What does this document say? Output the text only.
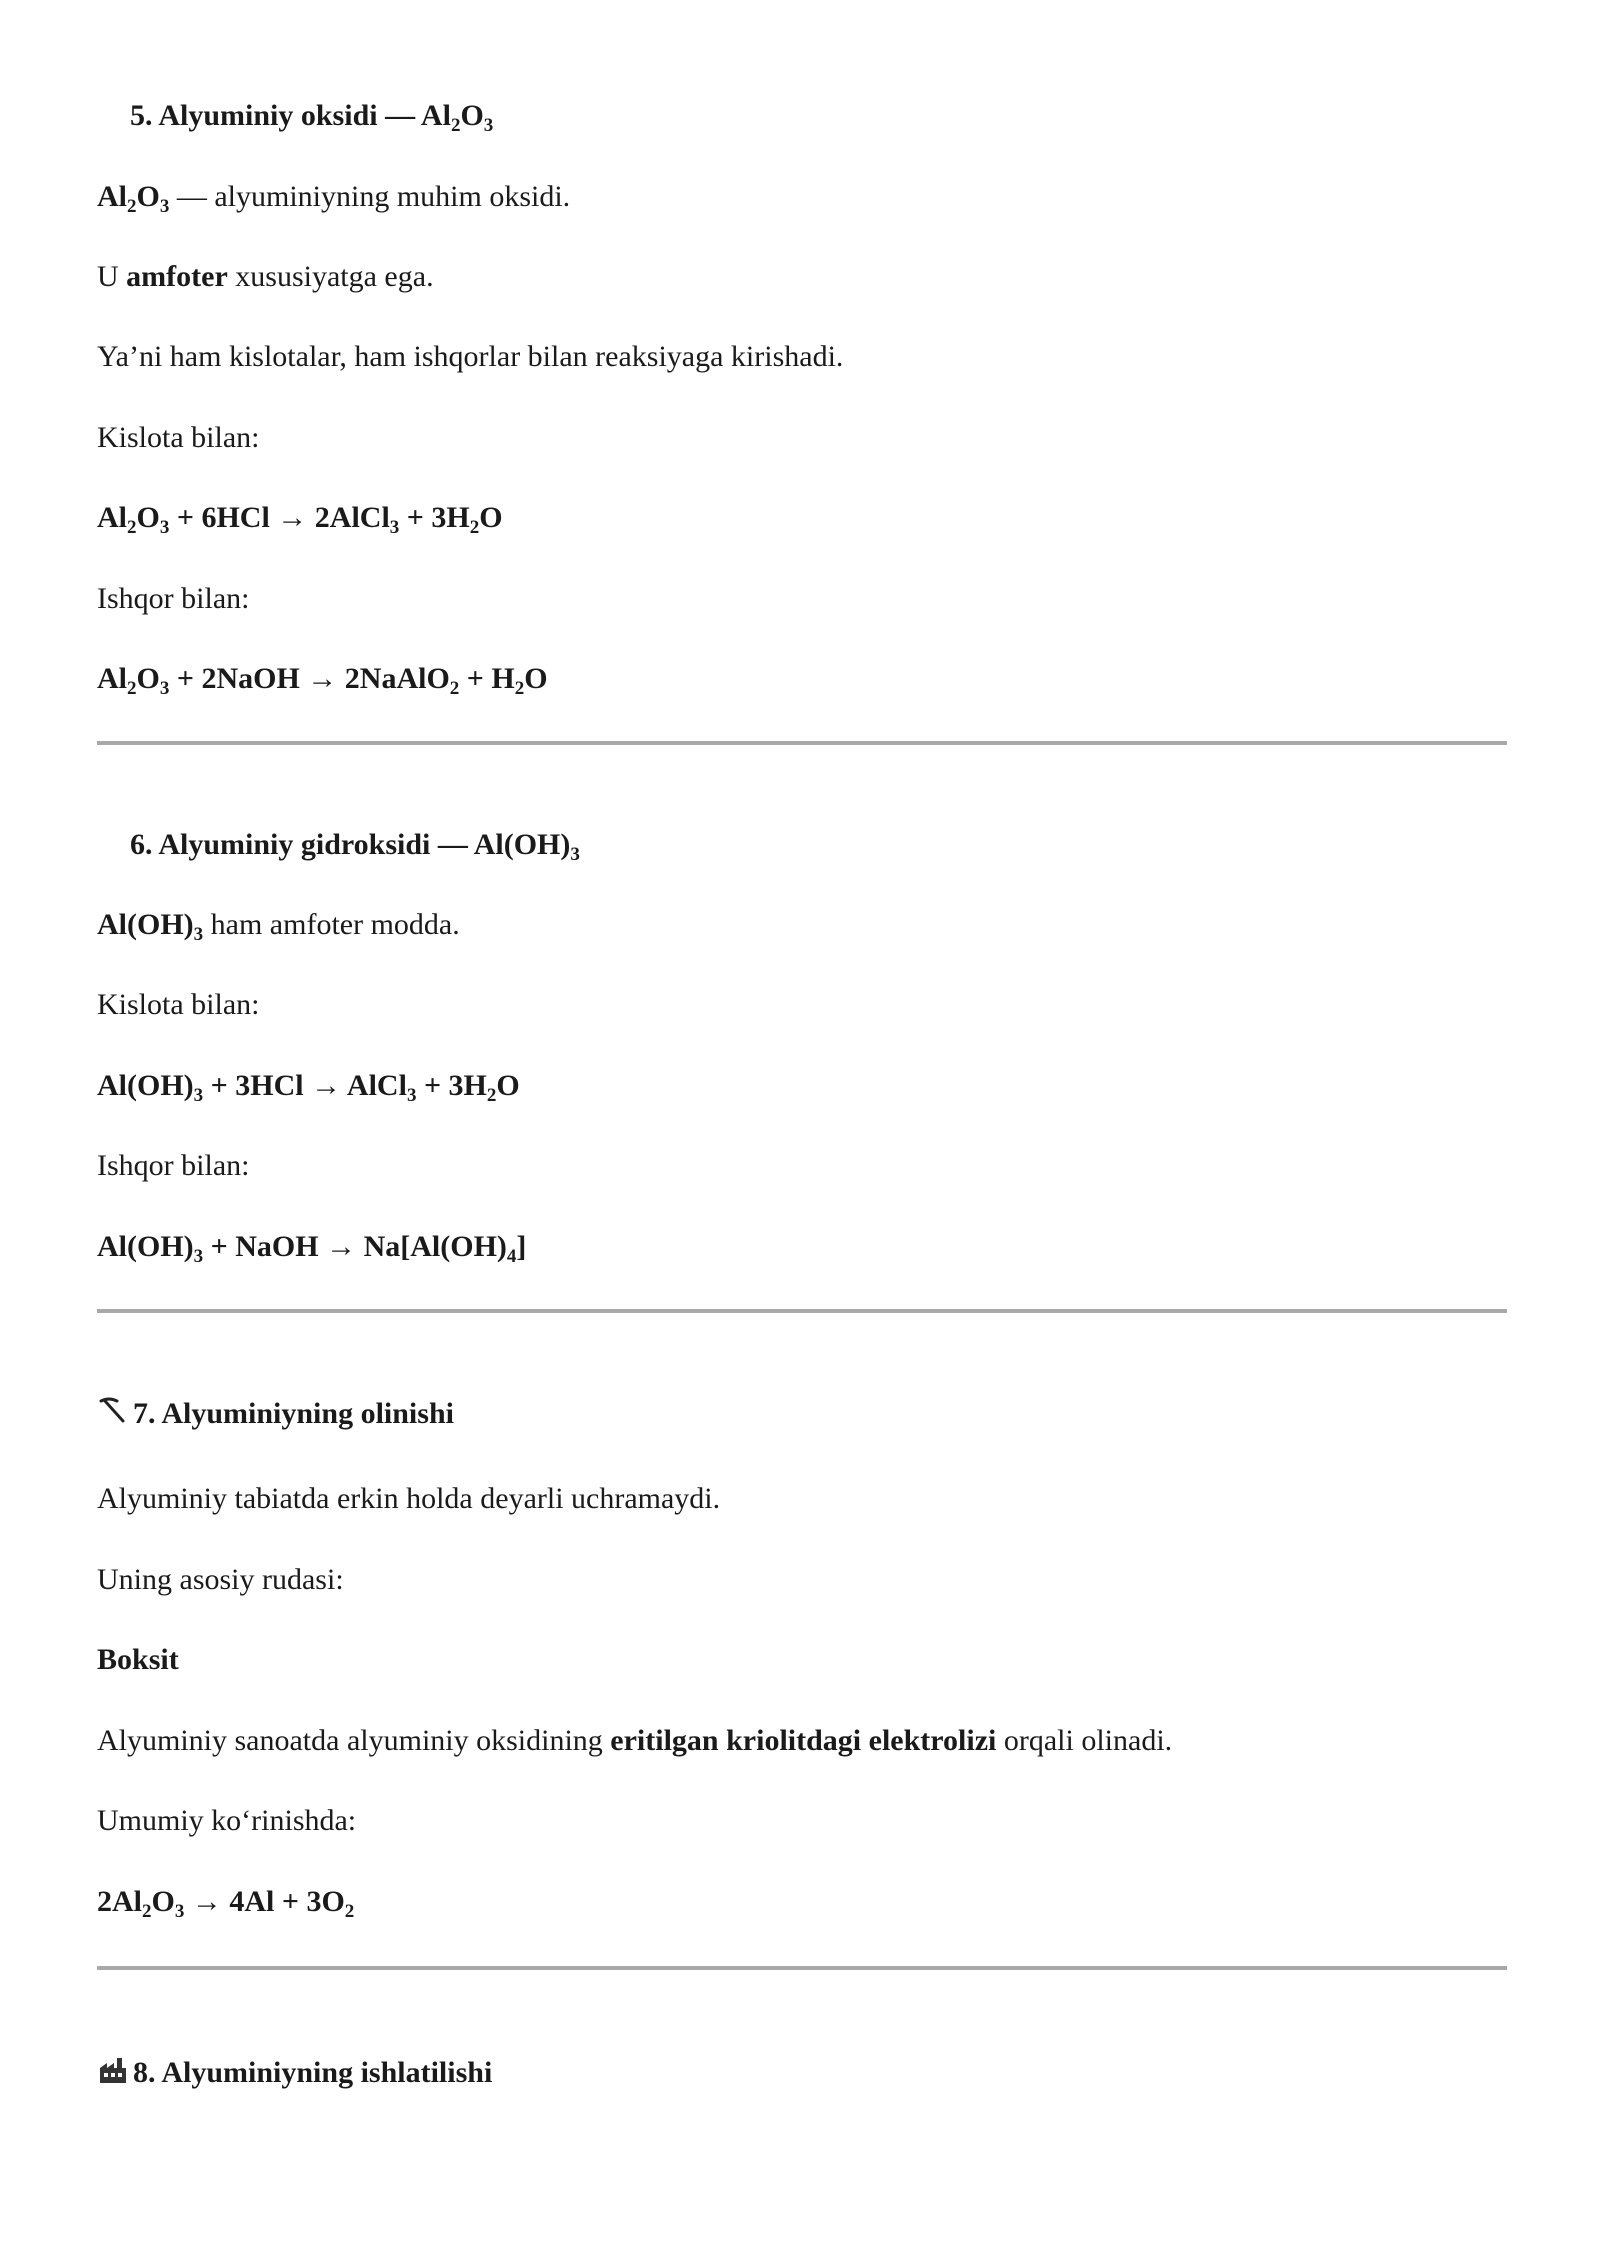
5. Alyuminiy oksidi — $Al_2O_3$
$Al_2O_3$ — alyuminiyning muhim oksidi.
U amfoter xususiyatga ega.
Ya’ni ham kislotalar, ham ishqorlar bilan reaksiyaga kirishadi.
Kislota bilan:
$Al_2O_3 + 6HCl$ → 2AlCl$_3$ + $3H_2O$
Ishqor bilan:
$Al_2O_3$ + 2NaOH → 2NaAlO$_2$ + $H_2O$
6. Alyuminiy gidroksidi — $Al(OH)_3$
$Al(OH)_3$ ham amfoter modda.
Kislota bilan:
$Al(OH)_3 + 3HCl$ → AlCl$_3$ + $3H_2O$
Ishqor bilan:
$Al(OH)_3$ + NaOH → $Na[Al(OH)_4]$
7. Alyuminiyning olinishi
Alyuminiy tabiatda erkin holda deyarli uchramaydi.
Uning asosiy rudasi:
Boksit
Alyuminiy sanoatda alyuminiy oksidining eritilgan kriolitdagi elektrolizi orqali olinadi.
Umumiy ko‘rinishda:
$2Al_2O_3 \to 4Al + 3O_2$
8. Alyuminiyning ishlatilishi
